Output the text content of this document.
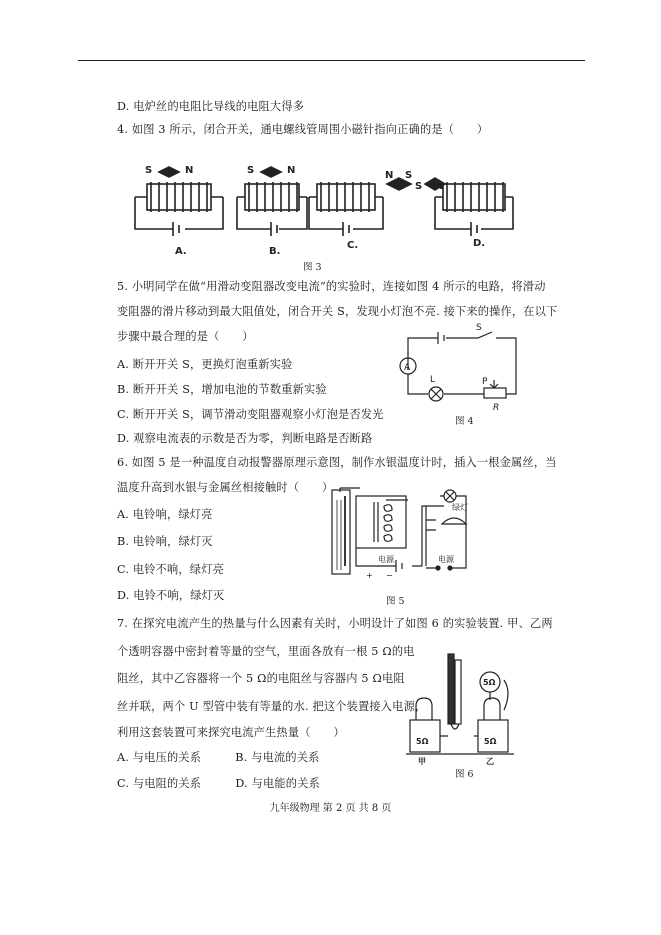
D. 电炉丝的电阻比导线的电阻大得多
4. 如图 3 所示，闭合开关，通电螺线管周围小磁针指向正确的是（　　）
S	N	S	N	N S
S N
A.	B.
C.	D.
图 3
5. 小明同学在做“用滑动变阻器改变电流”的实验时，连接如图 4 所示的电路，将滑动
变阻器的滑片移动到最大阻值处，闭合开关 S，发现小灯泡不亮. 接下来的操作，在以下
步骤中最合理的是（　　）
A. 断开开关 S，更换灯泡重新实验
B. 断开开关 S，增加电池的节数重新实验
C. 断开开关 S，调节滑动变阻器观察小灯泡是否发光
D. 观察电流表的示数是否为零，判断电路是否断路
S
A
L	P
R
图 4
6. 如图 5 是一种温度自动报警器原理示意图，制作水银温度计时，插入一根金属丝，当
温度升高到水银与金属丝相接触时（　　）
A. 电铃响，绿灯亮
B. 电铃响，绿灯灭
C. 电铃不响，绿灯亮
D. 电铃不响，绿灯灭
绿灯
电源	电源
+ −
图 5
7. 在探究电流产生的热量与什么因素有关时，小明设计了如图 6 的实验装置. 甲、乙两
个透明容器中密封着等量的空气，里面各放有一根 5 Ω的电
阻丝，其中乙容器将一个 5 Ω的电阻丝与容器内 5 Ω电阻
丝并联，两个 U 型管中装有等量的水. 把这个装置接入电源，
利用这套装置可来探究电流产生热量（　　）
A. 与电压的关系　　　B. 与电流的关系
C. 与电阻的关系　　　D. 与电能的关系
5Ω	5Ω
5Ω
甲	乙
图 6
九年级物理 第 2 页 共 8 页
